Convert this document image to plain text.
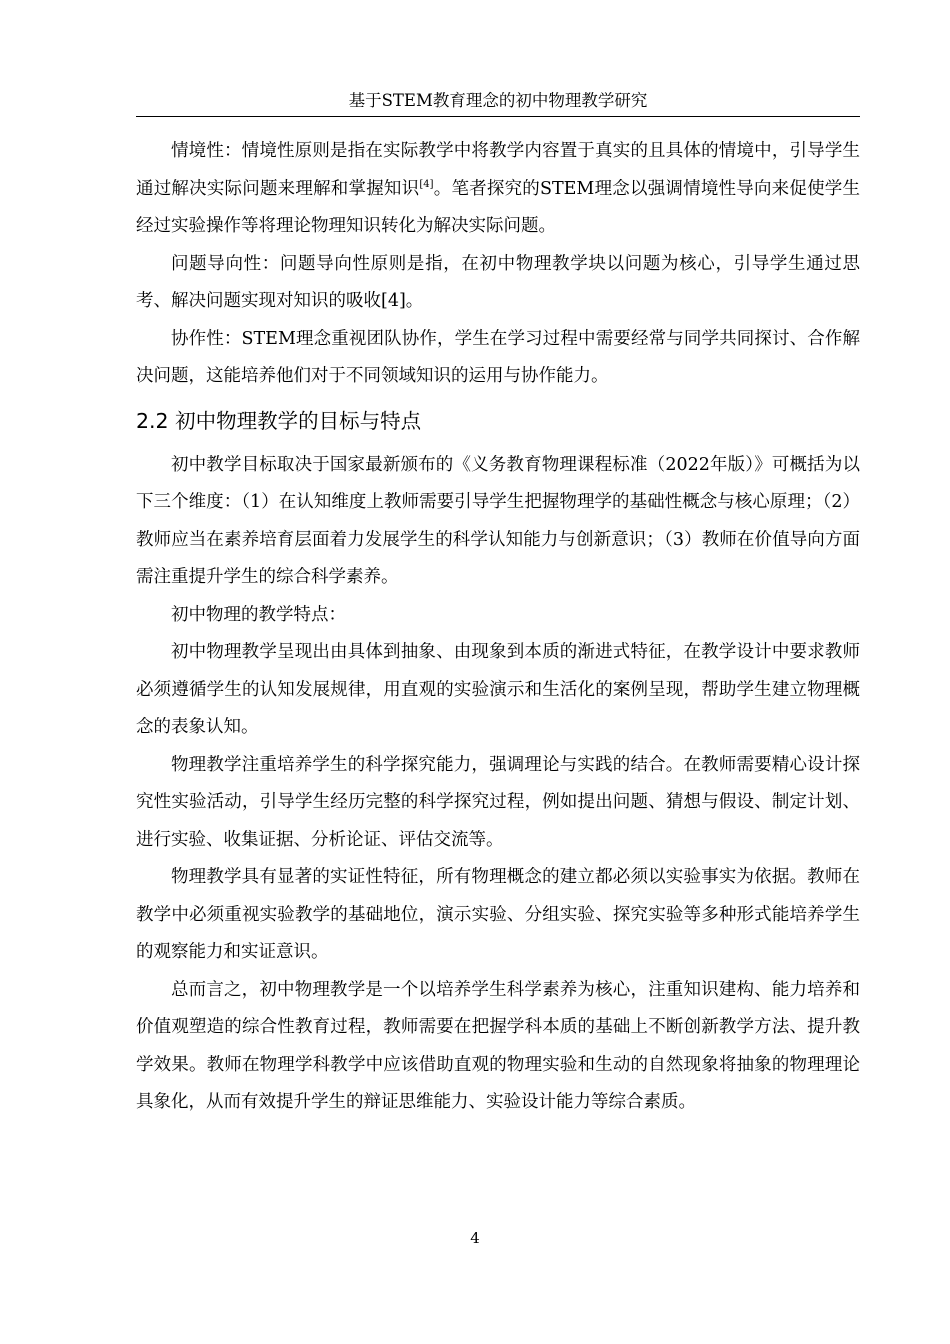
基于STEM教育理念的初中物理教学研究

情境性：情境性原则是指在实际教学中将教学内容置于真实的且具体的情境中，引导学生通过解决实际问题来理解和掌握知识[4]。笔者探究的STEM理念以强调情境性导向来促使学生经过实验操作等将理论物理知识转化为解决实际问题。

问题导向性：问题导向性原则是指，在初中物理教学块以问题为核心，引导学生通过思考、解决问题实现对知识的吸收[4]。

协作性：STEM理念重视团队协作，学生在学习过程中需要经常与同学共同探讨、合作解决问题，这能培养他们对于不同领域知识的运用与协作能力。

2.2 初中物理教学的目标与特点

初中教学目标取决于国家最新颁布的《义务教育物理课程标准（2022年版）》可概括为以下三个维度：（1）在认知维度上教师需要引导学生把握物理学的基础性概念与核心原理；（2）教师应当在素养培育层面着力发展学生的科学认知能力与创新意识；（3）教师在价值导向方面需注重提升学生的综合科学素养。

初中物理的教学特点：

初中物理教学呈现出由具体到抽象、由现象到本质的渐进式特征，在教学设计中要求教师必须遵循学生的认知发展规律，用直观的实验演示和生活化的案例呈现，帮助学生建立物理概念的表象认知。

物理教学注重培养学生的科学探究能力，强调理论与实践的结合。在教师需要精心设计探究性实验活动，引导学生经历完整的科学探究过程，例如提出问题、猜想与假设、制定计划、进行实验、收集证据、分析论证、评估交流等。

物理教学具有显著的实证性特征，所有物理概念的建立都必须以实验事实为依据。教师在教学中必须重视实验教学的基础地位，演示实验、分组实验、探究实验等多种形式能培养学生的观察能力和实证意识。

总而言之，初中物理教学是一个以培养学生科学素养为核心，注重知识建构、能力培养和价值观塑造的综合性教育过程，教师需要在把握学科本质的基础上不断创新教学方法、提升教学效果。教师在物理学科教学中应该借助直观的物理实验和生动的自然现象将抽象的物理理论具象化，从而有效提升学生的辩证思维能力、实验设计能力等综合素质。

4
